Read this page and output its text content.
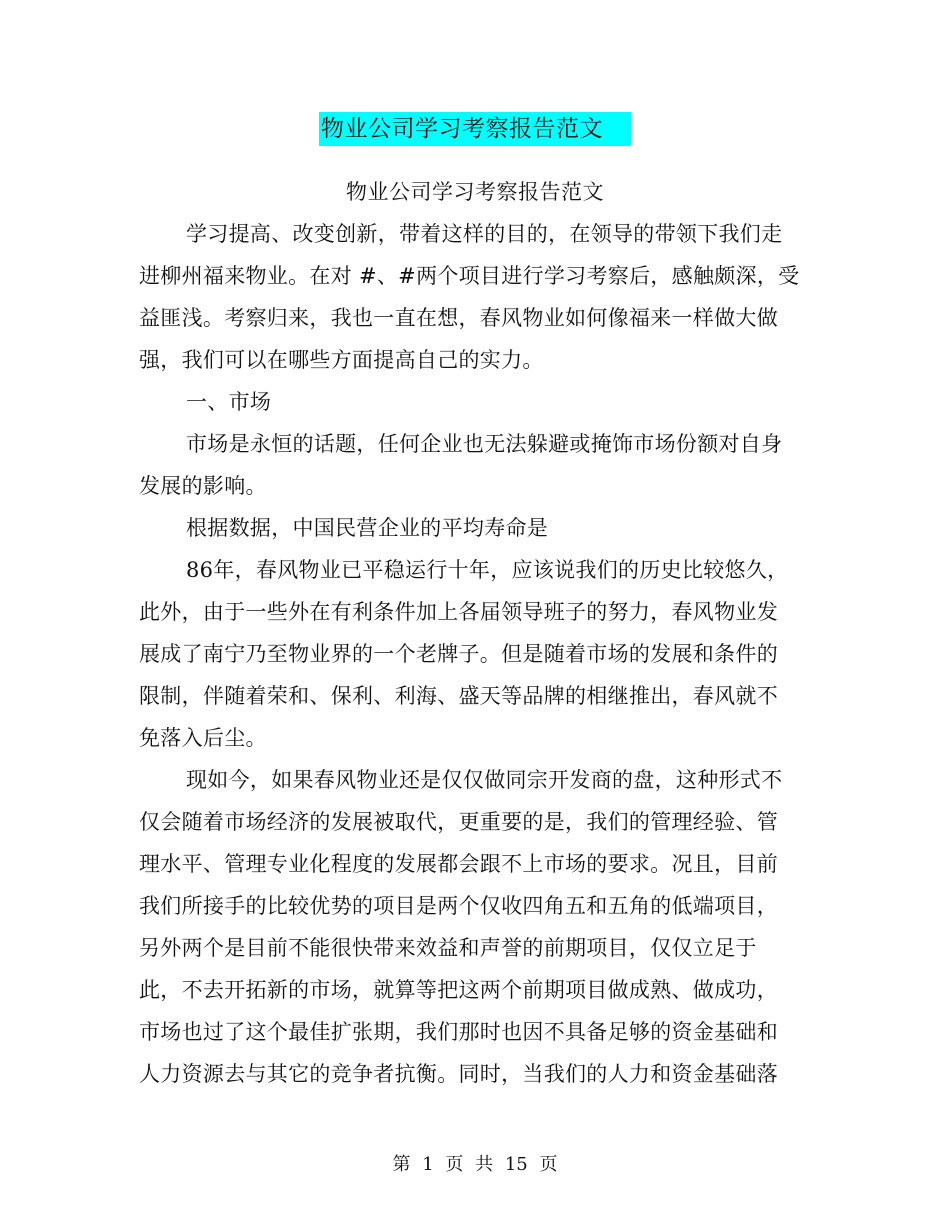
物业公司学习考察报告范文
物业公司学习考察报告范文
学习提高、改变创新，带着这样的目的，在领导的带领下我们走
进柳州福来物业。在对 #、#两个项目进行学习考察后，感触颇深，受
益匪浅。考察归来，我也一直在想，春风物业如何像福来一样做大做
强，我们可以在哪些方面提高自己的实力。
一、市场
市场是永恒的话题，任何企业也无法躲避或掩饰市场份额对自身
发展的影响。
根据数据，中国民营企业的平均寿命是
86年，春风物业已平稳运行十年，应该说我们的历史比较悠久，
此外，由于一些外在有利条件加上各届领导班子的努力，春风物业发
展成了南宁乃至物业界的一个老牌子。但是随着市场的发展和条件的
限制，伴随着荣和、保利、利海、盛天等品牌的相继推出，春风就不
免落入后尘。
现如今，如果春风物业还是仅仅做同宗开发商的盘，这种形式不
仅会随着市场经济的发展被取代，更重要的是，我们的管理经验、管
理水平、管理专业化程度的发展都会跟不上市场的要求。况且，目前
我们所接手的比较优势的项目是两个仅收四角五和五角的低端项目，
另外两个是目前不能很快带来效益和声誉的前期项目，仅仅立足于
此，不去开拓新的市场，就算等把这两个前期项目做成熟、做成功，
市场也过了这个最佳扩张期，我们那时也因不具备足够的资金基础和
人力资源去与其它的竞争者抗衡。同时，当我们的人力和资金基础落
第 1 页 共 15 页
